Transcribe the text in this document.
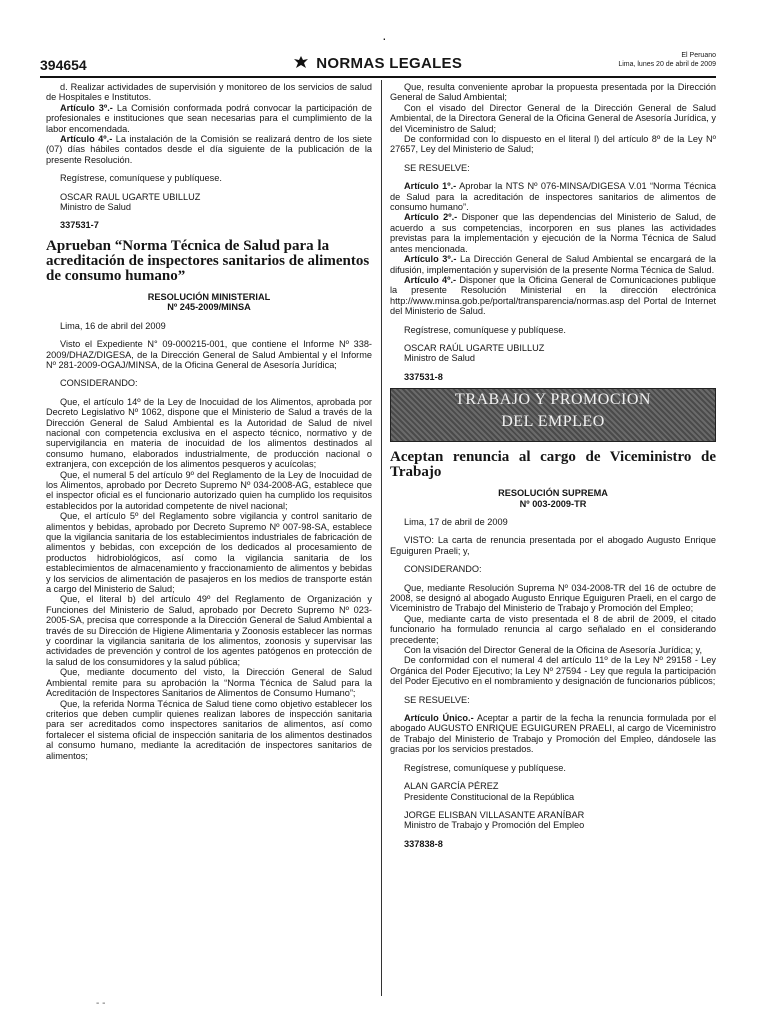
·
394654	NORMAS LEGALES	El Peruano
Lima, lunes 20 de abril de 2009

d. Realizar actividades de supervisión y monitoreo de los servicios de salud de Hospitales e Institutos.

Artículo 3º.- La Comisión conformada podrá convocar la participación de profesionales e instituciones que sean necesarias para el cumplimiento de la labor encomendada.

Artículo 4º.- La instalación de la Comisión se realizará dentro de los siete (07) días hábiles contados desde el día siguiente de la publicación de la presente Resolución.

Regístrese, comuníquese y publíquese.

OSCAR RAUL UGARTE UBILLUZ

Ministro de Salud

337531-7

Aprueban “Norma Técnica de Salud para la acreditación de inspectores sanitarios de alimentos de consumo humano”

RESOLUCIÓN MINISTERIAL

Nº 245-2009/MINSA

Lima, 16 de abril del 2009

Visto el Expediente N° 09-000215-001, que contiene el Informe Nº 338-2009/DHAZ/DIGESA, de la Dirección General de Salud Ambiental y el Informe Nº 281-2009-OGAJ/MINSA, de la Oficina General de Asesoría Jurídica;

CONSIDERANDO:

Que, el artículo 14º de la Ley de Inocuidad de los Alimentos, aprobada por Decreto Legislativo Nº 1062, dispone que el Ministerio de Salud a través de la Dirección General de Salud Ambiental es la Autoridad de Salud de nivel nacional con competencia exclusiva en el aspecto técnico, normativo y de supervigilancia en materia de inocuidad de los alimentos destinados al consumo humano, elaborados industrialmente, de producción nacional o extranjera, con excepción de los alimentos pesqueros y acuícolas;

Que, el numeral 5 del artículo 9º del Reglamento de la Ley de Inocuidad de los Alimentos, aprobado por Decreto Supremo Nº 034-2008-AG, establece que el inspector oficial es el funcionario autorizado quien ha cumplido los requisitos establecidos por la autoridad competente de nivel nacional;

Que, el artículo 5º del Reglamento sobre vigilancia y control sanitario de alimentos y bebidas, aprobado por Decreto Supremo Nº 007-98-SA, establece que la vigilancia sanitaria de los establecimientos industriales de fabricación de alimentos y bebidas, con excepción de los dedicados al procesamiento de productos hidrobiológicos, así como la vigilancia sanitaria de los establecimientos de almacenamiento y fraccionamiento de alimentos y bebidas y los servicios de alimentación de pasajeros en los medios de transporte están a cargo del Ministerio de Salud;

Que, el literal b) del artículo 49º del Reglamento de Organización y Funciones del Ministerio de Salud, aprobado por Decreto Supremo Nº 023-2005-SA, precisa que corresponde a la Dirección General de Salud Ambiental a través de su Dirección de Higiene Alimentaria y Zoonosis establecer las normas y coordinar la vigilancia sanitaria de los alimentos, zoonosis y supervisar las actividades de prevención y control de los agentes patógenos en protección de la salud de los consumidores y la salud pública;

Que, mediante documento del visto, la Dirección General de Salud Ambiental remite para su aprobación la “Norma Técnica de Salud para la Acreditación de Inspectores Sanitarios de Alimentos de Consumo Humano”;

Que, la referida Norma Técnica de Salud tiene como objetivo establecer los criterios que deben cumplir quienes realizan labores de inspección sanitaria para ser acreditados como inspectores sanitarios de alimentos, así como fortalecer el sistema oficial de inspección sanitaria de los alimentos destinados al consumo humano, mediante la acreditación de inspectores sanitarios de alimentos;

Que, resulta conveniente aprobar la propuesta presentada por la Dirección General de Salud Ambiental;

Con el visado del Director General de la Dirección General de Salud Ambiental, de la Directora General de la Oficina General de Asesoría Jurídica, y del Viceministro de Salud;

De conformidad con lo dispuesto en el literal l) del artículo 8º de la Ley Nº 27657, Ley del Ministerio de Salud;

SE RESUELVE:

Artículo 1º.- Aprobar la NTS Nº 076-MINSA/DIGESA V.01 “Norma Técnica de Salud para la acreditación de inspectores sanitarios de alimentos de consumo humano”.

Artículo 2º.- Disponer que las dependencias del Ministerio de Salud, de acuerdo a sus competencias, incorporen en sus planes las actividades previstas para la implementación y ejecución de la Norma Técnica de Salud antes mencionada.

Artículo 3º.- La Dirección General de Salud Ambiental se encargará de la difusión, implementación y supervisión de la presente Norma Técnica de Salud.

Artículo 4º.- Disponer que la Oficina General de Comunicaciones publique la presente Resolución Ministerial en la dirección electrónica http://www.minsa.gob.pe/portal/transparencia/normas.asp del Portal de Internet del Ministerio de Salud.

Regístrese, comuníquese y publíquese.

OSCAR RAÚL UGARTE UBILLUZ

Ministro de Salud

337531-8

TRABAJO Y PROMOCION
DEL EMPLEO

Aceptan renuncia al cargo de Viceministro de Trabajo

RESOLUCIÓN SUPREMA

Nº 003-2009-TR

Lima, 17 de abril de 2009

VISTO: La carta de renuncia presentada por el abogado Augusto Enrique Eguiguren Praeli; y,

CONSIDERANDO:

Que, mediante Resolución Suprema Nº 034-2008-TR del 16 de octubre de 2008, se designó al abogado Augusto Enrique Eguiguren Praeli, en el cargo de Viceministro de Trabajo del Ministerio de Trabajo y Promoción del Empleo;

Que, mediante carta de visto presentada el 8 de abril de 2009, el citado funcionario ha formulado renuncia al cargo señalado en el considerando precedente;

Con la visación del Director General de la Oficina de Asesoría Jurídica; y,

De conformidad con el numeral 4 del artículo 11º de la Ley Nº 29158 - Ley Orgánica del Poder Ejecutivo; la Ley Nº 27594 - Ley que regula la participación del Poder Ejecutivo en el nombramiento y designación de funcionarios públicos;

SE RESUELVE:

Artículo Único.- Aceptar a partir de la fecha la renuncia formulada por el abogado AUGUSTO ENRIQUE EGUIGUREN PRAELI, al cargo de Viceministro de Trabajo del Ministerio de Trabajo y Promoción del Empleo, dándosele las gracias por los servicios prestados.

Regístrese, comuníquese y publíquese.

ALAN GARCÍA PÉREZ

Presidente Constitucional de la República

JORGE ELISBAN VILLASANTE ARANÍBAR

Ministro de Trabajo y Promoción del Empleo

337838-8

- -
